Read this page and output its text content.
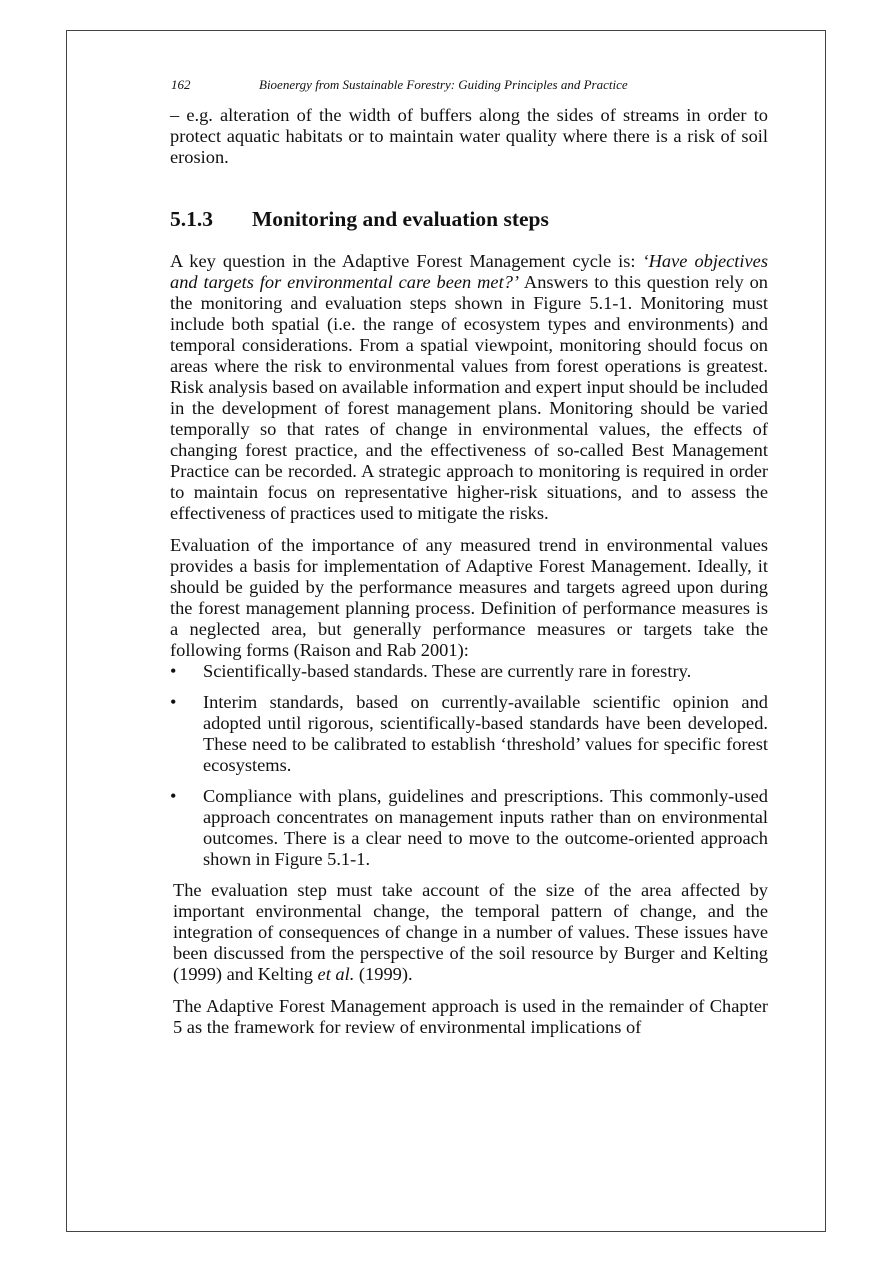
162	Bioenergy from Sustainable Forestry: Guiding Principles and Practice

– e.g. alteration of the width of buffers along the sides of streams in order to protect aquatic habitats or to maintain water quality where there is a risk of soil erosion.

5.1.3 Monitoring and evaluation steps

A key question in the Adaptive Forest Management cycle is: ‘Have objectives and targets for environmental care been met?’ Answers to this question rely on the monitoring and evaluation steps shown in Figure 5.1-1. Monitoring must include both spatial (i.e. the range of ecosystem types and environments) and temporal considerations. From a spatial viewpoint, monitoring should focus on areas where the risk to environmental values from forest operations is greatest. Risk analysis based on available information and expert input should be included in the development of forest management plans. Monitoring should be varied temporally so that rates of change in environmental values, the effects of changing forest practice, and the effectiveness of so-called Best Management Practice can be recorded. A strategic approach to monitoring is required in order to maintain focus on representative higher-risk situations, and to assess the effectiveness of practices used to mitigate the risks.

Evaluation of the importance of any measured trend in environmental values provides a basis for implementation of Adaptive Forest Management. Ideally, it should be guided by the performance measures and targets agreed upon during the forest management planning process. Definition of performance measures is a neglected area, but generally performance measures or targets take the following forms (Raison and Rab 2001):

• Scientifically-based standards. These are currently rare in forestry.
• Interim standards, based on currently-available scientific opinion and adopted until rigorous, scientifically-based standards have been developed. These need to be calibrated to establish ‘threshold’ values for specific forest ecosystems.
• Compliance with plans, guidelines and prescriptions. This commonly-used approach concentrates on management inputs rather than on environmental outcomes. There is a clear need to move to the outcome-oriented approach shown in Figure 5.1-1.

The evaluation step must take account of the size of the area affected by important environmental change, the temporal pattern of change, and the integration of consequences of change in a number of values. These issues have been discussed from the perspective of the soil resource by Burger and Kelting (1999) and Kelting et al. (1999).

The Adaptive Forest Management approach is used in the remainder of Chapter 5 as the framework for review of environmental implications of
